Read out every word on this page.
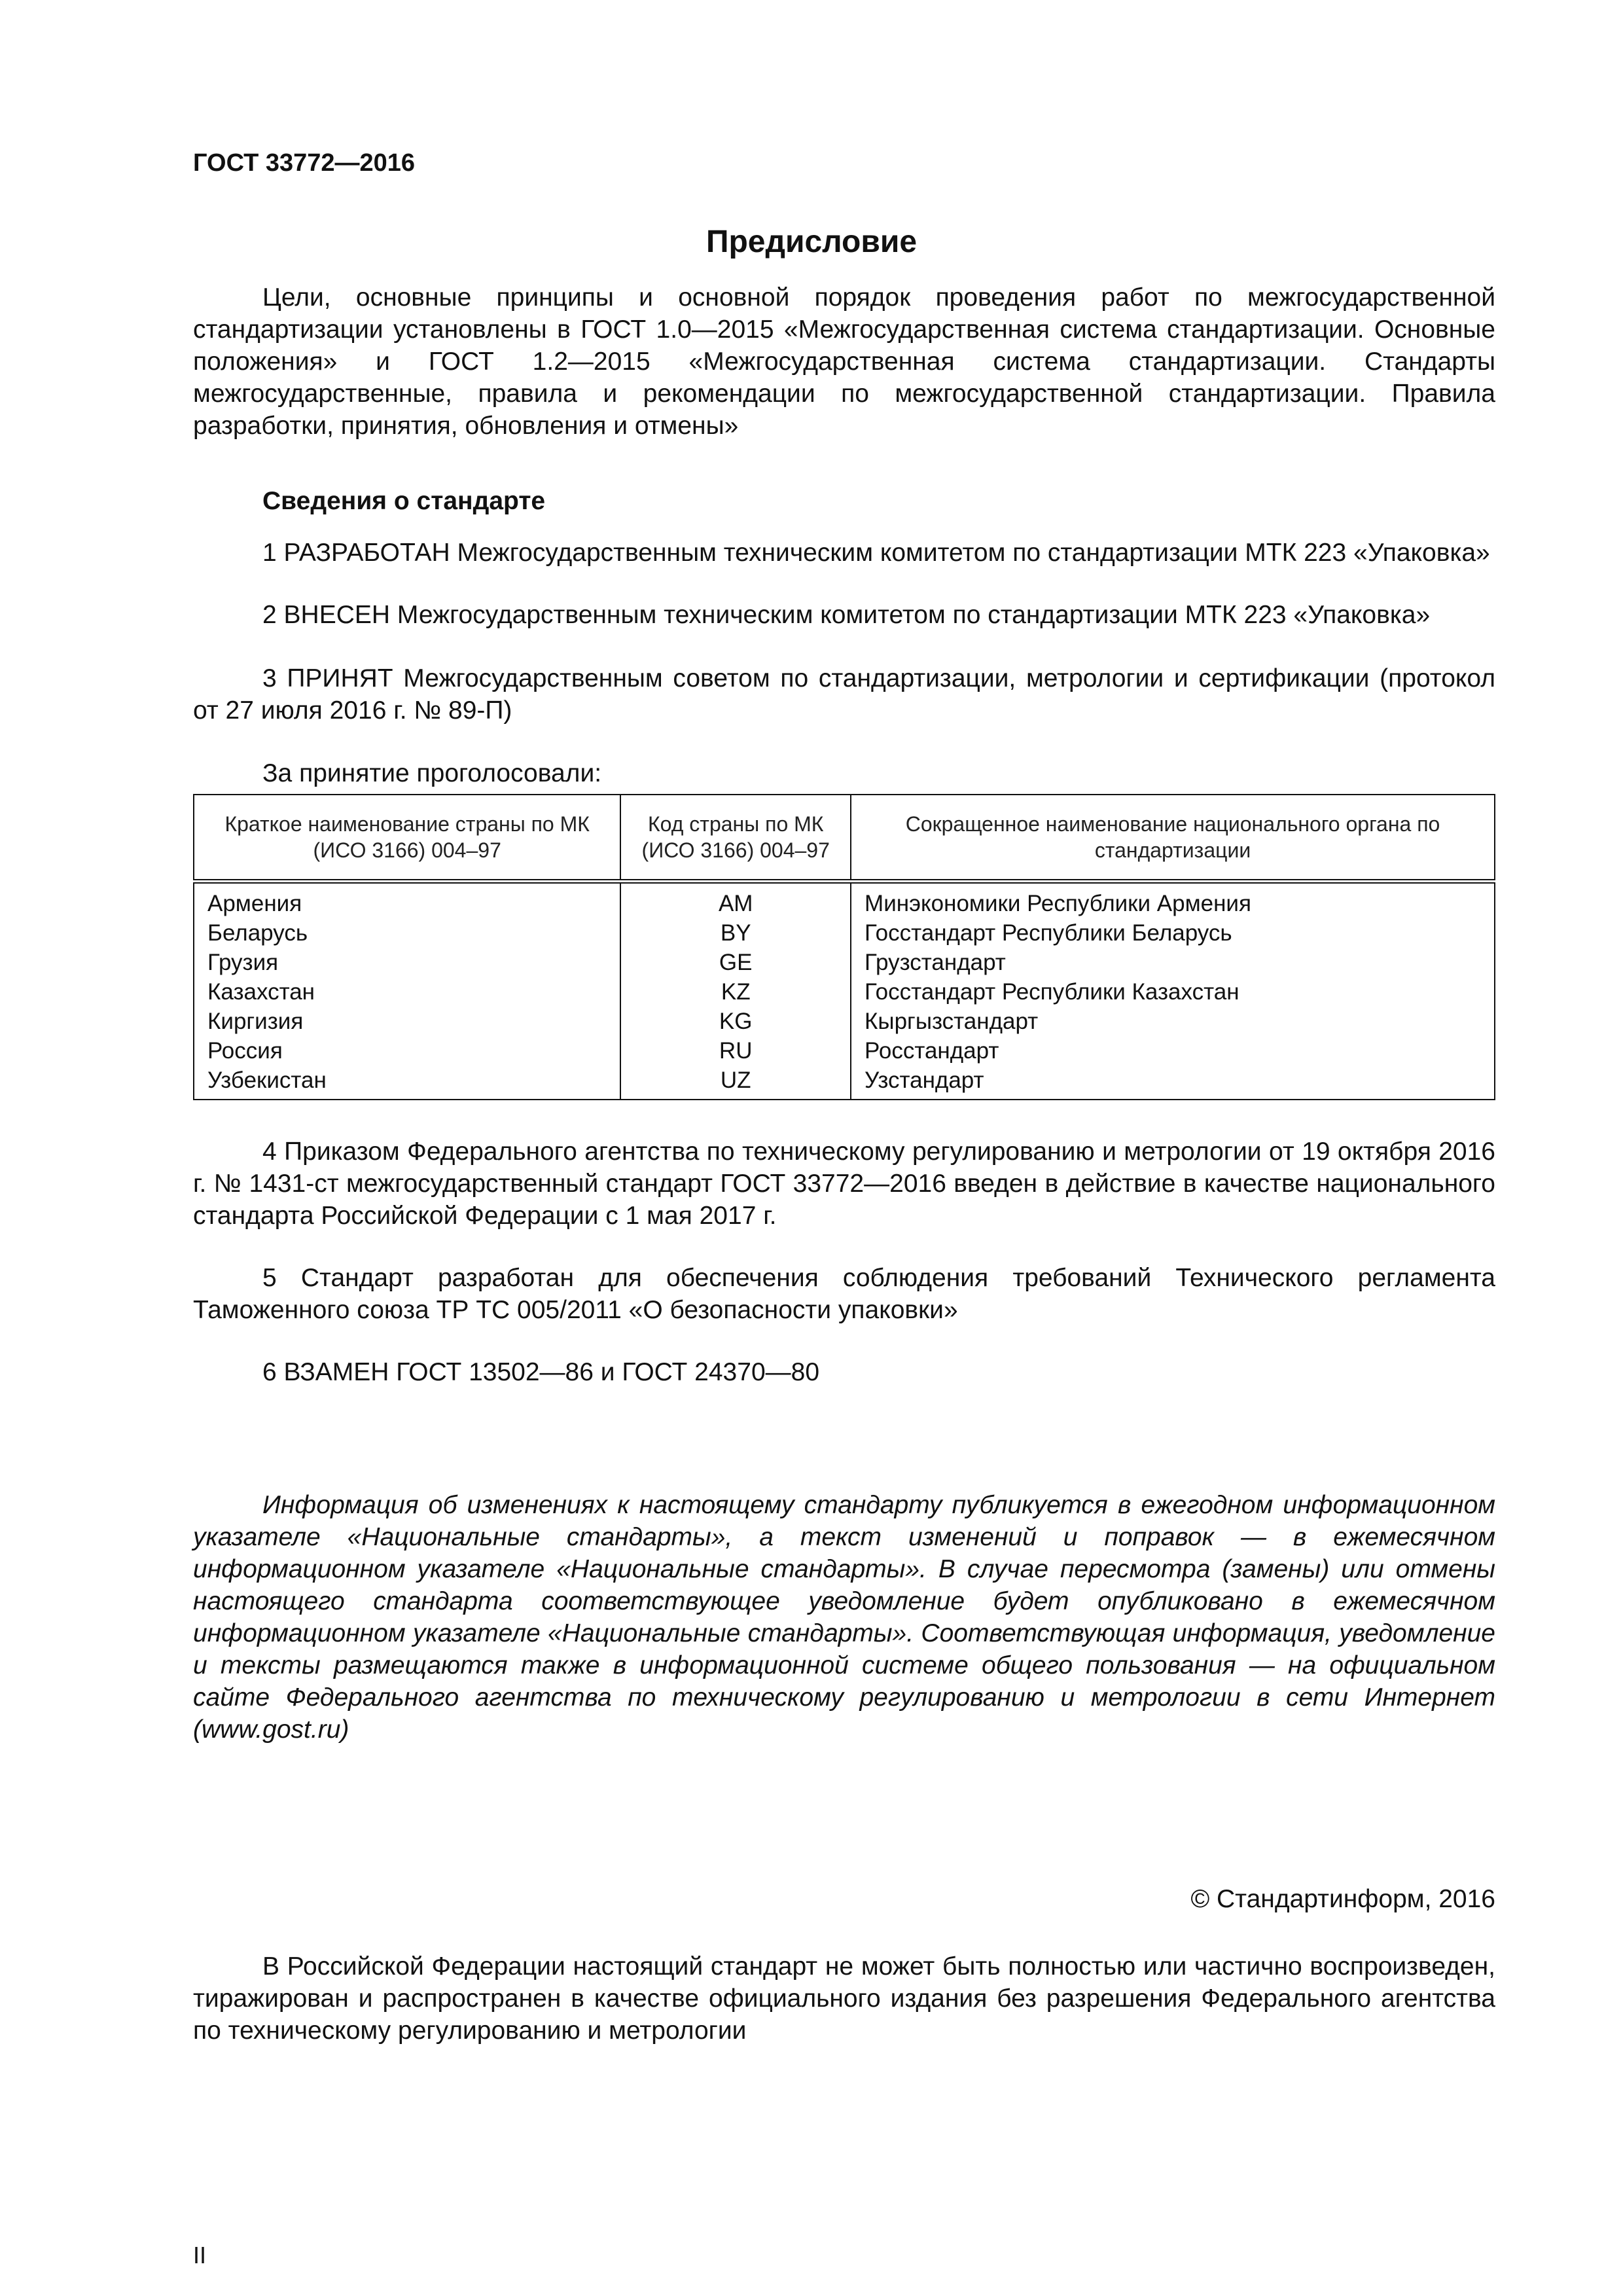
ГОСТ 33772—2016
Предисловие

Цели, основные принципы и основной порядок проведения работ по межгосударственной стандартизации установлены в ГОСТ 1.0—2015 «Межгосударственная система стандартизации. Основные положения» и ГОСТ 1.2—2015 «Межгосударственная система стандартизации. Стандарты межгосударственные, правила и рекомендации по межгосударственной стандартизации. Правила разработки, принятия, обновления и отмены»

Сведения о стандарте

1 РАЗРАБОТАН Межгосударственным техническим комитетом по стандартизации МТК 223 «Упаковка»

2 ВНЕСЕН Межгосударственным техническим комитетом по стандартизации МТК 223 «Упаковка»

3 ПРИНЯТ Межгосударственным советом по стандартизации, метрологии и сертификации (протокол от 27 июля 2016 г. № 89-П)

За принятие проголосовали:
Краткое наименование страны по МК (ИСО 3166) 004–97	Код страны по МК (ИСО 3166) 004–97	Сокращенное наименование национального органа по стандартизации
Армения	AM	Минэкономики Республики Армения
Беларусь	BY	Госстандарт Республики Беларусь
Грузия	GE	Грузстандарт
Казахстан	KZ	Госстандарт Республики Казахстан
Киргизия	KG	Кыргызстандарт
Россия	RU	Росстандарт
Узбекистан	UZ	Узстандарт

4 Приказом Федерального агентства по техническому регулированию и метрологии от 19 октября 2016 г. № 1431-ст межгосударственный стандарт ГОСТ 33772—2016 введен в действие в качестве национального стандарта Российской Федерации с 1 мая 2017 г.

5 Стандарт разработан для обеспечения соблюдения требований Технического регламента Таможенного союза ТР ТС 005/2011 «О безопасности упаковки»

6 ВЗАМЕН ГОСТ 13502—86 и ГОСТ 24370—80

Информация об изменениях к настоящему стандарту публикуется в ежегодном информационном указателе «Национальные стандарты», а текст изменений и поправок — в ежемесячном информационном указателе «Национальные стандарты». В случае пересмотра (замены) или отмены настоящего стандарта соответствующее уведомление будет опубликовано в ежемесячном информационном указателе «Национальные стандарты». Соответствующая информация, уведомление и тексты размещаются также в информационной системе общего пользования — на официальном сайте Федерального агентства по техническому регулированию и метрологии в сети Интернет (www.gost.ru)

© Стандартинформ, 2016

В Российской Федерации настоящий стандарт не может быть полностью или частично воспроизведен, тиражирован и распространен в качестве официального издания без разрешения Федерального агентства по техническому регулированию и метрологии

II
